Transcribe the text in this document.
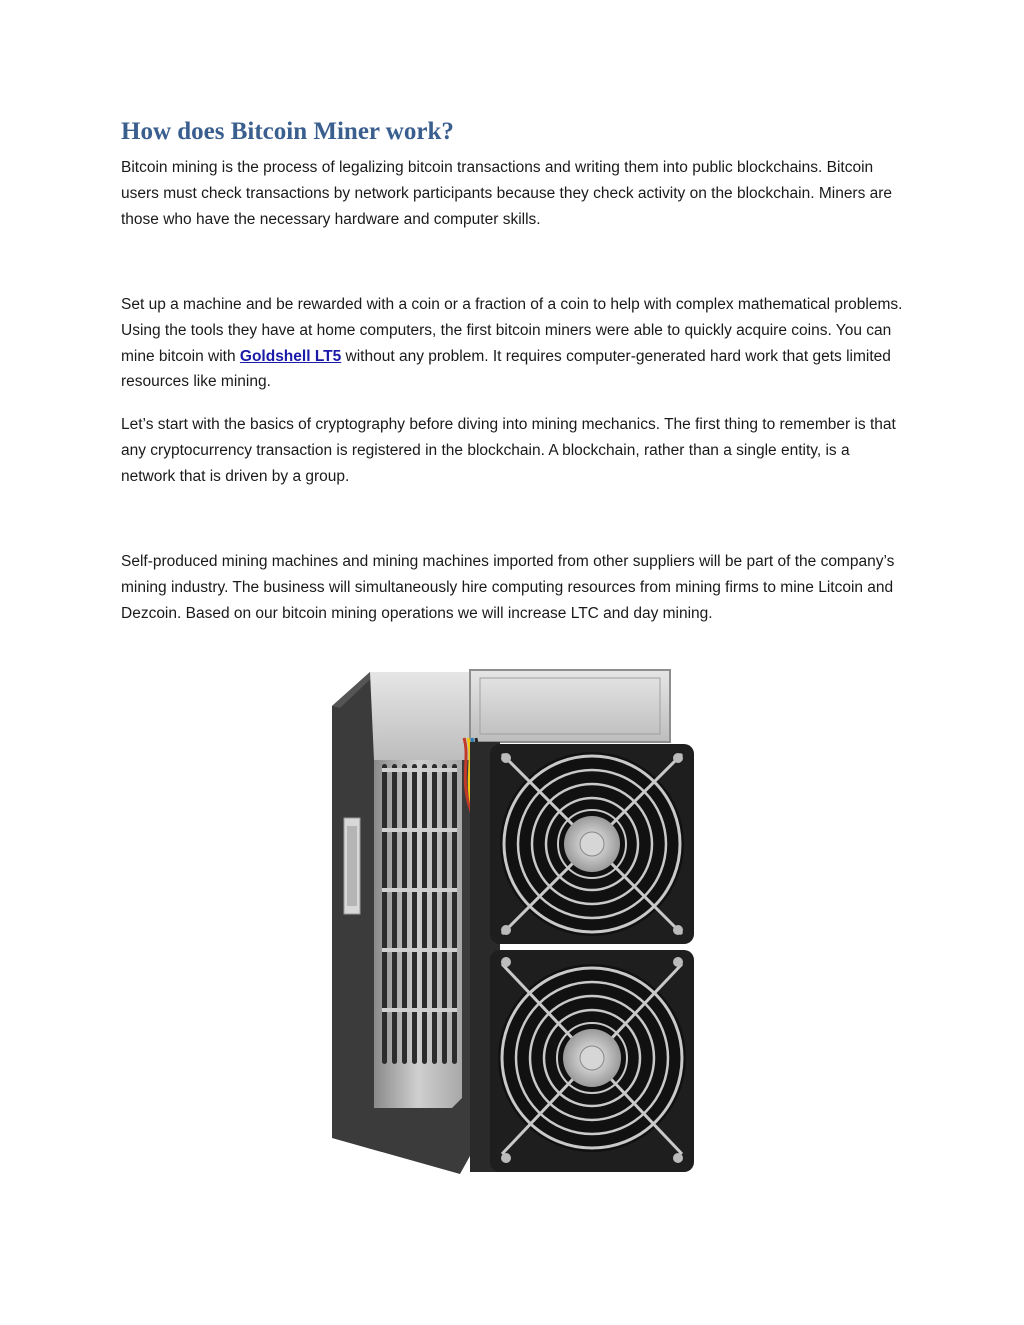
How does Bitcoin Miner work?

Bitcoin mining is the process of legalizing bitcoin transactions and writing them into public blockchains. Bitcoin users must check transactions by network participants because they check activity on the blockchain. Miners are those who have the necessary hardware and computer skills.

Set up a machine and be rewarded with a coin or a fraction of a coin to help with complex mathematical problems. Using the tools they have at home computers, the first bitcoin miners were able to quickly acquire coins. You can mine bitcoin with Goldshell LT5 without any problem. It requires computer-generated hard work that gets limited resources like mining.

Let’s start with the basics of cryptography before diving into mining mechanics. The first thing to remember is that any cryptocurrency transaction is registered in the blockchain. A blockchain, rather than a single entity, is a network that is driven by a group.

Self-produced mining machines and mining machines imported from other suppliers will be part of the company’s mining industry. The business will simultaneously hire computing resources from mining firms to mine Litcoin and Dezcoin. Based on our bitcoin mining operations we will increase LTC and day mining.
